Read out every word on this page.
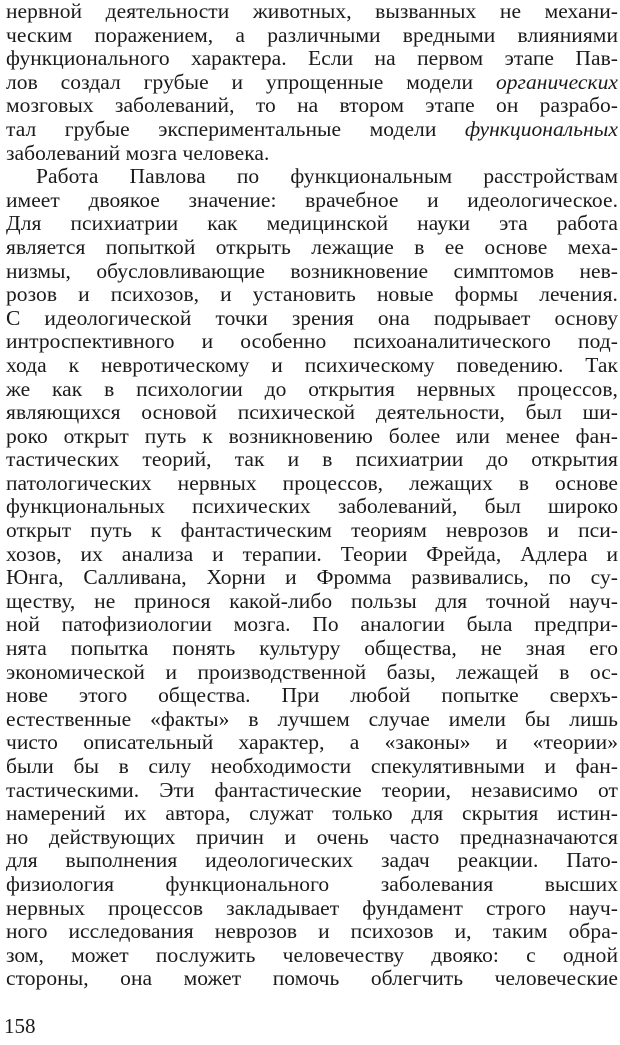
нервной деятельности животных, вызванных не механи-
ческим поражением, а различными вредными влияниями
функционального характера. Если на первом этапе Пав-
лов создал грубые и упрощенные модели органических
мозговых заболеваний, то на втором этапе он разрабо-
тал грубые экспериментальные модели функциональных
заболеваний мозга человека.
Работа Павлова по функциональным расстройствам
имеет двоякое значение: врачебное и идеологическое.
Для психиатрии как медицинской науки эта работа
является попыткой открыть лежащие в ее основе меха-
низмы, обусловливающие возникновение симптомов нев-
розов и психозов, и установить новые формы лечения.
С идеологической точки зрения она подрывает основу
интроспективного и особенно психоаналитического под-
хода к невротическому и психическому поведению. Так
же как в психологии до открытия нервных процессов,
являющихся основой психической деятельности, был ши-
роко открыт путь к возникновению более или менее фан-
тастических теорий, так и в психиатрии до открытия
патологических нервных процессов, лежащих в основе
функциональных психических заболеваний, был широко
открыт путь к фантастическим теориям неврозов и пси-
хозов, их анализа и терапии. Теории Фрейда, Адлера и
Юнга, Салливана, Хорни и Фромма развивались, по су-
ществу, не принося какой-либо пользы для точной науч-
ной патофизиологии мозга. По аналогии была предпри-
нята попытка понять культуру общества, не зная его
экономической и производственной базы, лежащей в ос-
нове этого общества. При любой попытке сверхъ-
естественные «факты» в лучшем случае имели бы лишь
чисто описательный характер, а «законы» и «теории»
были бы в силу необходимости спекулятивными и фан-
тастическими. Эти фантастические теории, независимо от
намерений их автора, служат только для скрытия истин-
но действующих причин и очень часто предназначаются
для выполнения идеологических задач реакции. Пато-
физиология функционального заболевания высших
нервных процессов закладывает фундамент строго науч-
ного исследования неврозов и психозов и, таким обра-
зом, может послужить человечеству двояко: с одной
стороны, она может помочь облегчить человеческие
158
